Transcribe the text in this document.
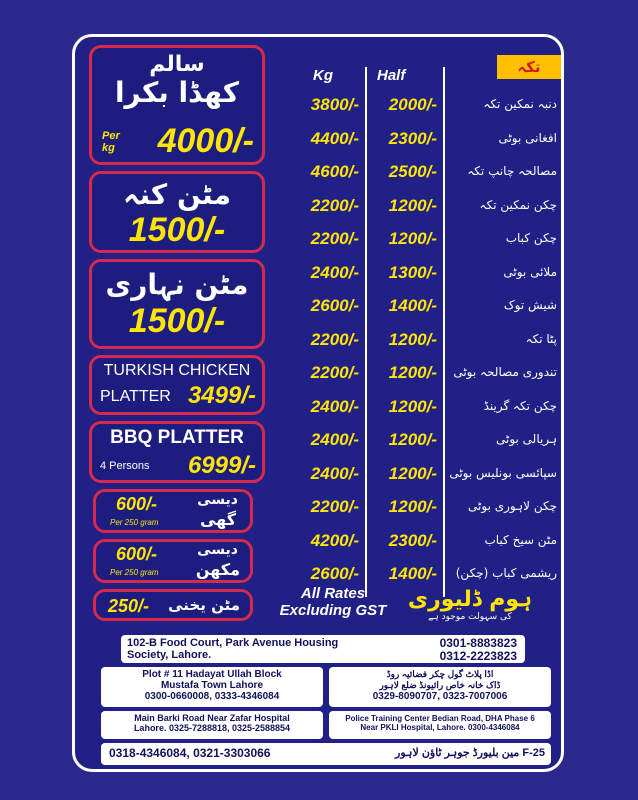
سالم
کھڈا بکرا
Per kg	4000/-
مٹن کنہ
1500/-
مٹن نہاری
1500/-
TURKISH CHICKEN
PLATTER 3499/-
BBQ PLATTER
4 Persons 6999/-
600/-
Per 250 gram
دیسی
گھی
600/-
Per 250 gram
دیسی
مکھن
250/- مٹن یخنی
تکہ
Kg	Half
3800/-	2000/-	دنبہ نمکین تکہ
4400/-	2300/-	افغانی بوٹی
4600/-	2500/-	مصالحہ چانپ تکہ
2200/-	1200/-	چکن نمکین تکہ
2200/-	1200/-	چکن کباب
2400/-	1300/-	ملائی بوٹی
2600/-	1400/-	شیش توک
2200/-	1200/-	پٹا تکہ
2200/-	1200/-	تندوری مصالحہ بوٹی
2400/-	1200/-	چکن تکہ گرینڈ
2400/-	1200/-	ہریالی بوٹی
2400/-	1200/- سپائسی بونلیس بوٹی
2200/-	1200/-	چکن لاہوری بوٹی
4200/-	2300/-	مٹن سیخ کباب
2600/-	1400/-	ریشمی کباب (چکن)
All Rates
Excluding GST ہوم ڈلیوری
کی سہولت موجود ہے
102-B Food Court, Park Avenue Housing
Society, Lahore.
0301-8883823
0312-2223823
Plot # 11 Hadayat Ullah Block
Mustafa Town Lahore
0300-0660008, 0333-4346084
اڈا پلاٹ گول چکر فضائیہ روڈ
ڈاک خانہ خاص رائیونڈ ضلع لاہور
0329-8090707, 0323-7007006
Main Barki Road Near Zafar Hospital
Lahore. 0325-7288818, 0325-2588854
Police Training Center Bedian Road, DHA Phase 6
Near PKLI Hospital, Lahore. 0300-4346084
0318-4346084, 0321-3303066	25-F مین بلیورڈ جوہر ٹاؤن لاہور
